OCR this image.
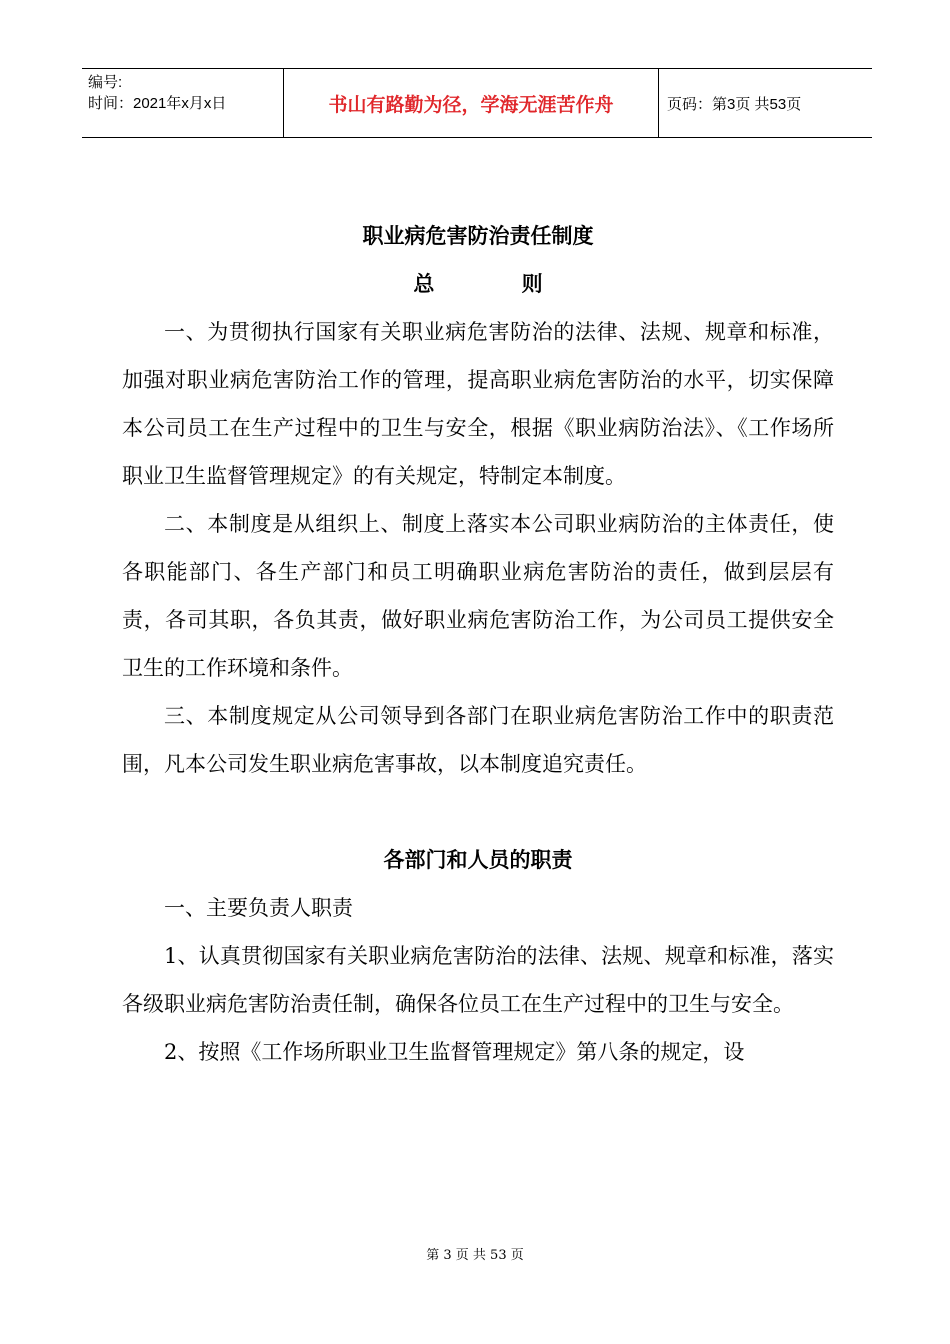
编号:
时间：2021年x月x日	书山有路勤为径，学海无涯苦作舟	页码：第3页 共53页
职业病危害防治责任制度
总 则

一、为贯彻执行国家有关职业病危害防治的法律、法规、规章和标准，加强对职业病危害防治工作的管理，提高职业病危害防治的水平，切实保障本公司员工在生产过程中的卫生与安全，根据《职业病防治法》、《工作场所职业卫生监督管理规定》的有关规定，特制定本制度。

二、本制度是从组织上、制度上落实本公司职业病防治的主体责任，使各职能部门、各生产部门和员工明确职业病危害防治的责任，做到层层有责，各司其职，各负其责，做好职业病危害防治工作，为公司员工提供安全卫生的工作环境和条件。

三、本制度规定从公司领导到各部门在职业病危害防治工作中的职责范围，凡本公司发生职业病危害事故，以本制度追究责任。

各部门和人员的职责

一、主要负责人职责

1、认真贯彻国家有关职业病危害防治的法律、法规、规章和标准，落实各级职业病危害防治责任制，确保各位员工在生产过程中的卫生与安全。

2、按照《工作场所职业卫生监督管理规定》第八条的规定，设

第 3 页 共 53 页
